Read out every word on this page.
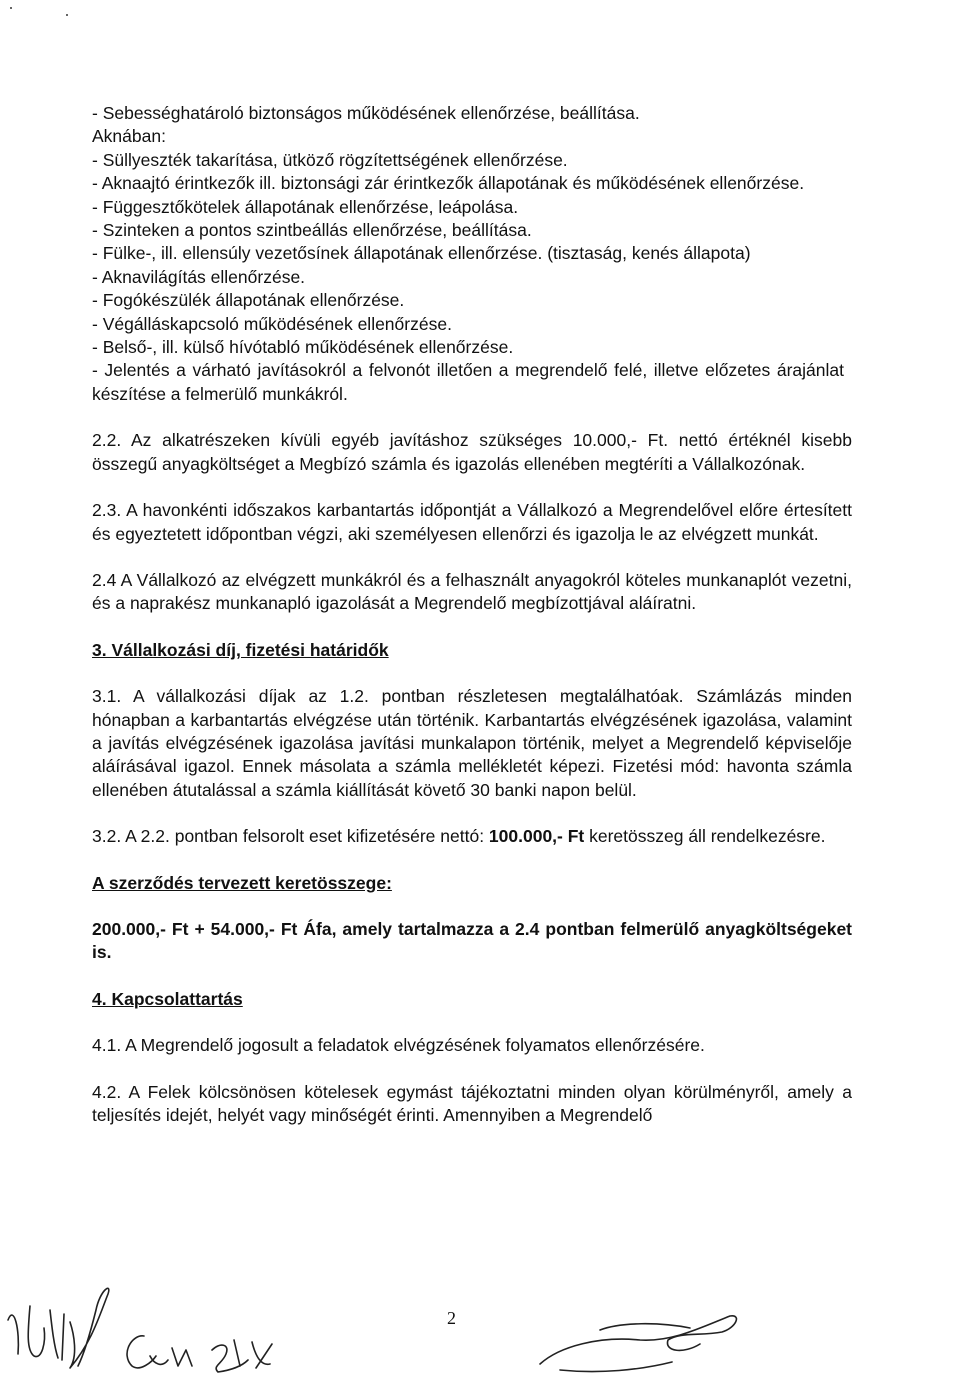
- Sebességhatároló biztonságos működésének ellenőrzése, beállítása.
Aknában:
- Süllyeszték takarítása, ütköző rögzítettségének ellenőrzése.
- Aknaajtó érintkezők ill. biztonsági zár érintkezők állapotának és működésének ellenőrzése.
- Függesztőkötelek állapotának ellenőrzése, leápolása.
- Szinteken a pontos szintbeállás ellenőrzése, beállítása.
- Fülke-, ill. ellensúly vezetősínek állapotának ellenőrzése. (tisztaság, kenés állapota)
- Aknavilágítás ellenőrzése.
- Fogókészülék állapotának ellenőrzése.
- Végálláskapcsoló működésének ellenőrzése.
- Belső-, ill. külső hívótabló működésének ellenőrzése.
- Jelentés a várható javításokról a felvonót illetően a megrendelő felé, illetve előzetes árajánlat készítése a felmerülő munkákról.
2.2. Az alkatrészeken kívüli egyéb javításhoz szükséges 10.000,- Ft. nettó értéknél kisebb összegű anyagköltséget a Megbízó számla és igazolás ellenében megtéríti a Vállalkozónak.
2.3. A havonkénti időszakos karbantartás időpontját a Vállalkozó a Megrendelővel előre értesített és egyeztetett időpontban végzi, aki személyesen ellenőrzi és igazolja le az elvégzett munkát.
2.4 A Vállalkozó az elvégzett munkákról és a felhasznált anyagokról köteles munkanaplót vezetni, és a naprakész munkanapló igazolását a Megrendelő megbízottjával aláíratni.
3. Vállalkozási díj, fizetési határidők
3.1. A vállalkozási díjak az 1.2. pontban részletesen megtalálhatóak. Számlázás minden hónapban a karbantartás elvégzése után történik. Karbantartás elvégzésének igazolása, valamint a javítás elvégzésének igazolása javítási munkalapon történik, melyet a Megrendelő képviselője aláírásával igazol. Ennek másolata a számla mellékletét képezi. Fizetési mód: havonta számla ellenében átutalással a számla kiállítását követő 30 banki napon belül.
3.2. A 2.2. pontban felsorolt eset kifizetésére nettó: 100.000,- Ft keretösszeg áll rendelkezésre.
A szerződés tervezett keretösszege:
200.000,- Ft + 54.000,- Ft Áfa, amely tartalmazza a 2.4 pontban felmerülő anyagköltségeket is.
4. Kapcsolattartás
4.1. A Megrendelő jogosult a feladatok elvégzésének folyamatos ellenőrzésére.
4.2. A Felek kölcsönösen kötelesek egymást tájékoztatni minden olyan körülményről, amely a teljesítés idejét, helyét vagy minőségét érinti. Amennyiben a Megrendelő
2
